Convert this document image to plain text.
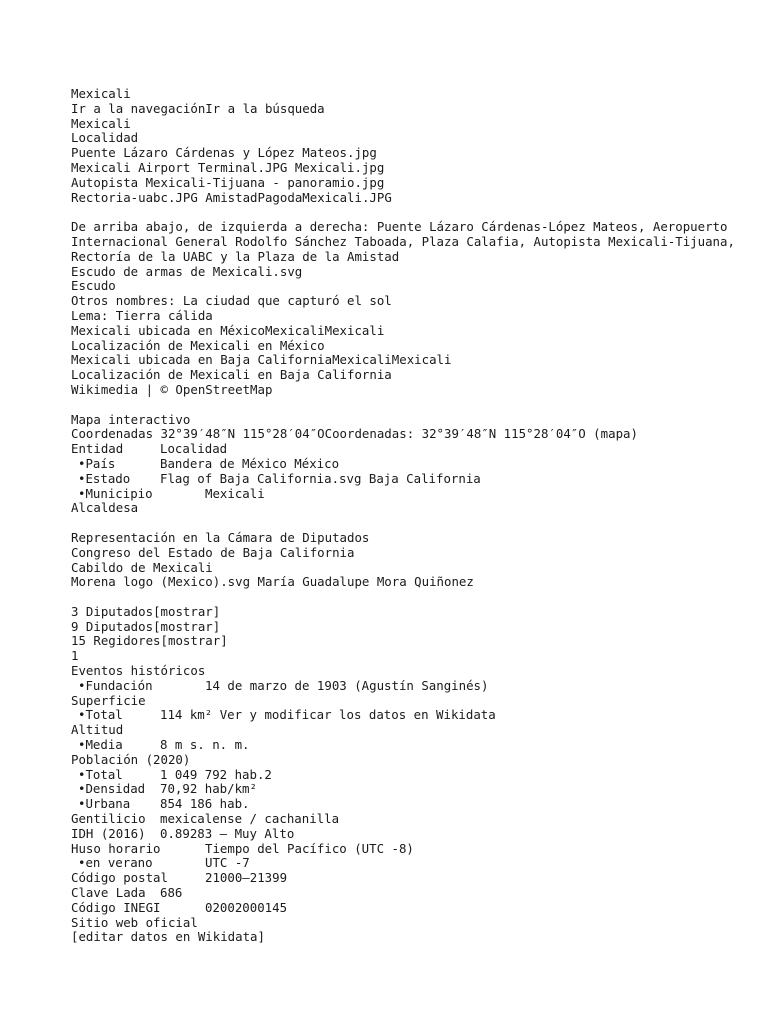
Mexicali
Ir a la navegaciónIr a la búsqueda
Mexicali
Localidad
Puente Lázaro Cárdenas y López Mateos.jpg
Mexicali Airport Terminal.JPG Mexicali.jpg
Autopista Mexicali-Tijuana - panoramio.jpg
Rectoria-uabc.JPG AmistadPagodaMexicali.JPG
De arriba abajo, de izquierda a derecha: Puente Lázaro Cárdenas-López Mateos, Aeropuerto Internacional General Rodolfo Sánchez Taboada, Plaza Calafia, Autopista Mexicali-Tijuana, Rectoría de la UABC y la Plaza de la Amistad
Escudo de armas de Mexicali.svg
Escudo
Otros nombres: La ciudad que capturó el sol
Lema: Tierra cálida
Mexicali ubicada en MéxicoMexicaliMexicali
Localización de Mexicali en México
Mexicali ubicada en Baja CaliforniaMexicaliMexicali
Localización de Mexicali en Baja California
Wikimedia | © OpenStreetMap
Mapa interactivo
Coordenadas 32°39′48″N 115°28′04″OCoordenadas: 32°39′48″N 115°28′04″O (mapa)
Entidad	Localidad
• País	Bandera de México México
• Estado	Flag of Baja California.svg Baja California
• Municipio	Mexicali
Alcaldesa
Representación en la Cámara de Diputados
Congreso del Estado de Baja California
Cabildo de Mexicali
Morena logo (Mexico).svg María Guadalupe Mora Quiñonez
3 Diputados[mostrar]
9 Diputados[mostrar]
15 Regidores[mostrar]
1
Eventos históricos
• Fundación	14 de marzo de 1903 (Agustín Sanginés)
Superficie
• Total	114 km²
Ver y modificar los datos en Wikidata
Altitud
• Media	8 m s. n. m.
Población (2020)
• Total	1 049 792 hab.2
• Densidad	70,92 hab/km²
• Urbana	854 186 hab.
Gentilicio	mexicalense / cachanilla
IDH (2016)	0.89283 – Muy Alto
Huso horario	Tiempo del Pacífico (UTC -8)
• en verano	UTC -7
Código postal	21000–21399
Clave Lada	686
Código INEGI	02002000145
Sitio web oficial
[editar datos en Wikidata]
